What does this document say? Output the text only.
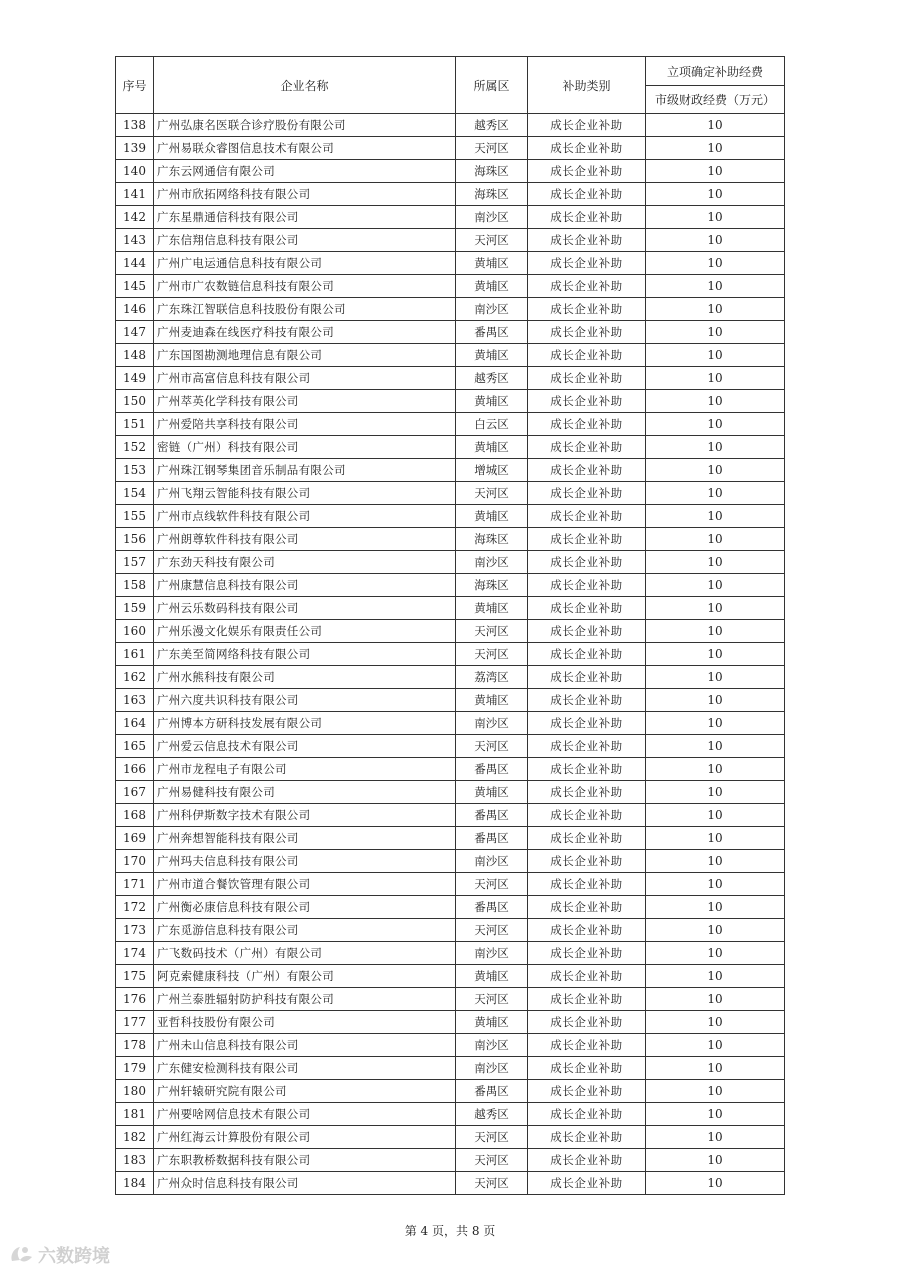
序号	企业名称	所属区	补助类别	立项确定补助经费
				市级财政经费（万元）
138	广州弘康名医联合诊疗股份有限公司	越秀区	成长企业补助	10
139	广州易联众睿图信息技术有限公司	天河区	成长企业补助	10
140	广东云网通信有限公司	海珠区	成长企业补助	10
141	广州市欣拓网络科技有限公司	海珠区	成长企业补助	10
142	广东星鼎通信科技有限公司	南沙区	成长企业补助	10
143	广东信翔信息科技有限公司	天河区	成长企业补助	10
144	广州广电运通信息科技有限公司	黄埔区	成长企业补助	10
145	广州市广农数链信息科技有限公司	黄埔区	成长企业补助	10
146	广东珠江智联信息科技股份有限公司	南沙区	成长企业补助	10
147	广州麦迪森在线医疗科技有限公司	番禺区	成长企业补助	10
148	广东国图勘测地理信息有限公司	黄埔区	成长企业补助	10
149	广州市高富信息科技有限公司	越秀区	成长企业补助	10
150	广州萃英化学科技有限公司	黄埔区	成长企业补助	10
151	广州爱陪共享科技有限公司	白云区	成长企业补助	10
152	密链（广州）科技有限公司	黄埔区	成长企业补助	10
153	广州珠江钢琴集团音乐制品有限公司	增城区	成长企业补助	10
154	广州飞翔云智能科技有限公司	天河区	成长企业补助	10
155	广州市点线软件科技有限公司	黄埔区	成长企业补助	10
156	广州朗尊软件科技有限公司	海珠区	成长企业补助	10
157	广东劲天科技有限公司	南沙区	成长企业补助	10
158	广州康慧信息科技有限公司	海珠区	成长企业补助	10
159	广州云乐数码科技有限公司	黄埔区	成长企业补助	10
160	广州乐漫文化娱乐有限责任公司	天河区	成长企业补助	10
161	广东美至简网络科技有限公司	天河区	成长企业补助	10
162	广州水熊科技有限公司	荔湾区	成长企业补助	10
163	广州六度共识科技有限公司	黄埔区	成长企业补助	10
164	广州博本方研科技发展有限公司	南沙区	成长企业补助	10
165	广州爱云信息技术有限公司	天河区	成长企业补助	10
166	广州市龙程电子有限公司	番禺区	成长企业补助	10
167	广州易健科技有限公司	黄埔区	成长企业补助	10
168	广州科伊斯数字技术有限公司	番禺区	成长企业补助	10
169	广州奔想智能科技有限公司	番禺区	成长企业补助	10
170	广州玛夫信息科技有限公司	南沙区	成长企业补助	10
171	广州市道合餐饮管理有限公司	天河区	成长企业补助	10
172	广州衡必康信息科技有限公司	番禺区	成长企业补助	10
173	广东觅游信息科技有限公司	天河区	成长企业补助	10
174	广飞数码技术（广州）有限公司	南沙区	成长企业补助	10
175	阿克索健康科技（广州）有限公司	黄埔区	成长企业补助	10
176	广州兰泰胜辐射防护科技有限公司	天河区	成长企业补助	10
177	亚哲科技股份有限公司	黄埔区	成长企业补助	10
178	广州未山信息科技有限公司	南沙区	成长企业补助	10
179	广东健安检测科技有限公司	南沙区	成长企业补助	10
180	广州轩辕研究院有限公司	番禺区	成长企业补助	10
181	广州要啥网信息技术有限公司	越秀区	成长企业补助	10
182	广州红海云计算股份有限公司	天河区	成长企业补助	10
183	广东职教桥数据科技有限公司	天河区	成长企业补助	10
184	广州众时信息科技有限公司	天河区	成长企业补助	10
第 4 页，共 8 页
六数跨境
